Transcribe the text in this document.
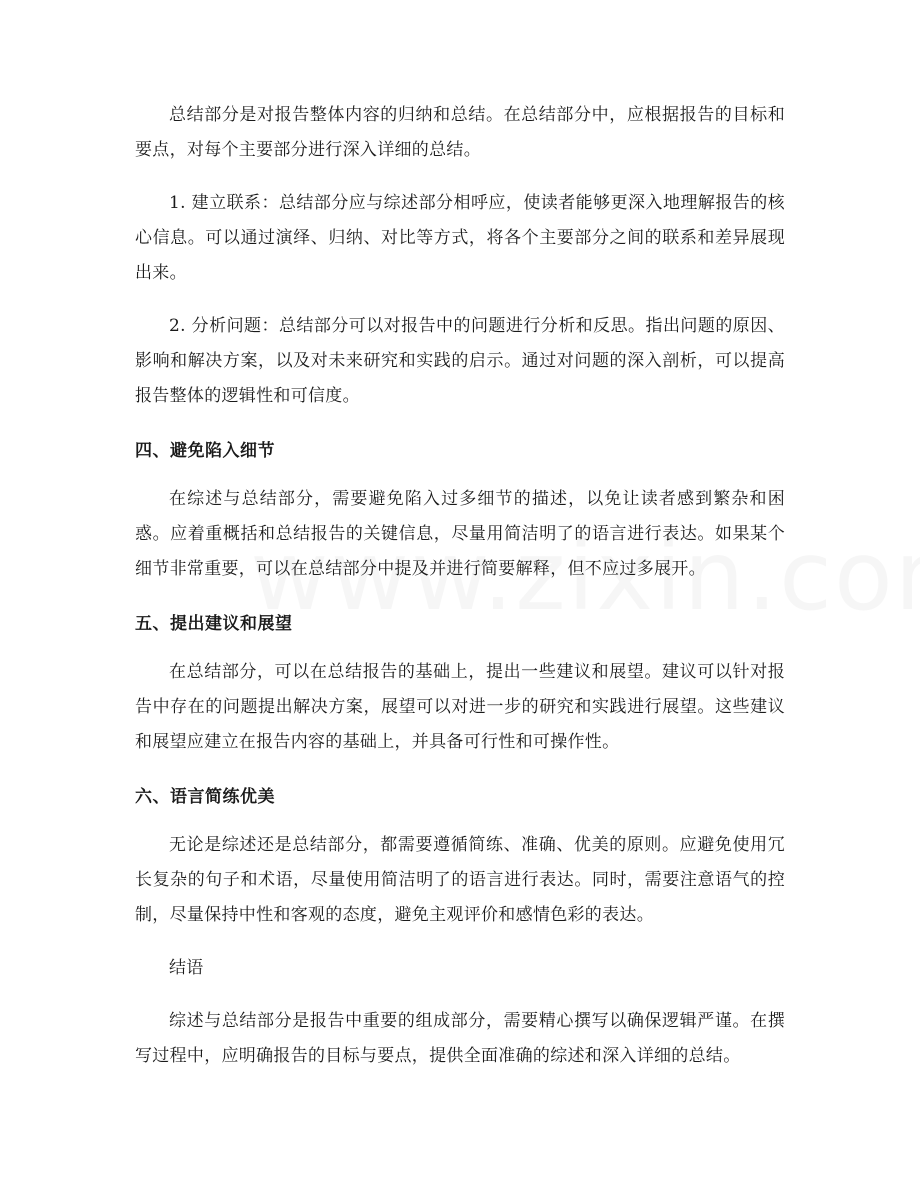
总结部分是对报告整体内容的归纳和总结。在总结部分中，应根据报告的目标和要点，对每个主要部分进行深入详细的总结。

1. 建立联系：总结部分应与综述部分相呼应，使读者能够更深入地理解报告的核心信息。可以通过演绎、归纳、对比等方式，将各个主要部分之间的联系和差异展现出来。

2. 分析问题：总结部分可以对报告中的问题进行分析和反思。指出问题的原因、影响和解决方案，以及对未来研究和实践的启示。通过对问题的深入剖析，可以提高报告整体的逻辑性和可信度。

四、避免陷入细节

在综述与总结部分，需要避免陷入过多细节的描述，以免让读者感到繁杂和困惑。应着重概括和总结报告的关键信息，尽量用简洁明了的语言进行表达。如果某个细节非常重要，可以在总结部分中提及并进行简要解释，但不应过多展开。

五、提出建议和展望

在总结部分，可以在总结报告的基础上，提出一些建议和展望。建议可以针对报告中存在的问题提出解决方案，展望可以对进一步的研究和实践进行展望。这些建议和展望应建立在报告内容的基础上，并具备可行性和可操作性。

六、语言简练优美

无论是综述还是总结部分，都需要遵循简练、准确、优美的原则。应避免使用冗长复杂的句子和术语，尽量使用简洁明了的语言进行表达。同时，需要注意语气的控制，尽量保持中性和客观的态度，避免主观评价和感情色彩的表达。

结语

综述与总结部分是报告中重要的组成部分，需要精心撰写以确保逻辑严谨。在撰写过程中，应明确报告的目标与要点，提供全面准确的综述和深入详细的总结。
